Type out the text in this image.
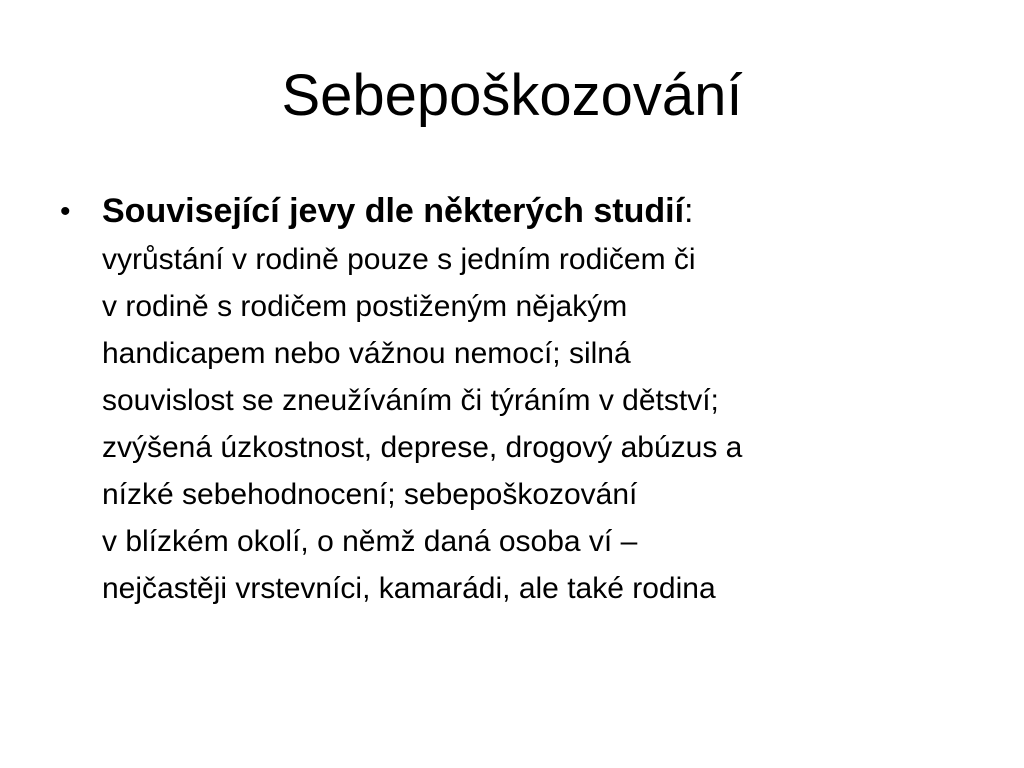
Sebepoškozování
• Související jevy dle některých studií:
vyrůstání v rodině pouze s jedním rodičem či
v rodině s rodičem postiženým nějakým
handicapem nebo vážnou nemocí; silná
souvislost se zneužíváním či týráním v dětství;
zvýšená úzkostnost, deprese, drogový abúzus a
nízké sebehodnocení; sebepoškozování
v blízkém okolí, o němž daná osoba ví –
nejčastěji vrstevníci, kamarádi, ale také rodina
